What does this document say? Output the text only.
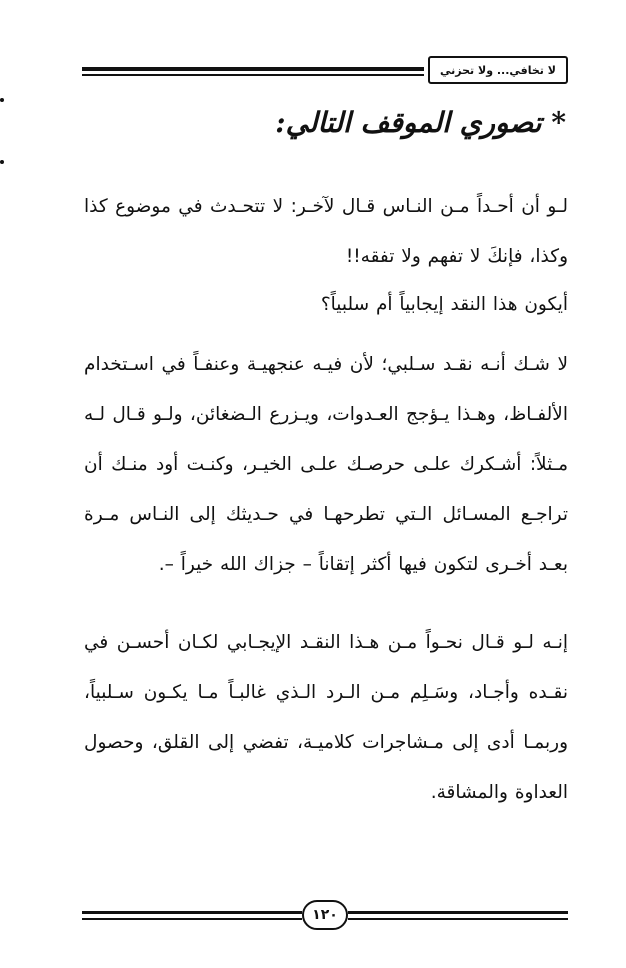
لا تخافي... ولا تحزني
* تصوري الموقف التالي:

لـو أن أحـداً مـن النـاس قـال لآخـر: لا تتحـدث في موضوع كذا وكذا، فإنكَ لا تفهم ولا تفقه!!

أيكون هذا النقد إيجابياً أم سلبياً؟

لا شـك أنـه نقـد سـلبي؛ لأن فيـه عنجهيـة وعنفـاً في اسـتخدام الألفـاظ، وهـذا يـؤجج العـدوات، ويـزرع الـضغائن، ولـو قـال لـه مـثلاً: أشـكرك علـى حرصـك علـى الخيـر، وكنـت أود منـك أن تراجـع المسـائل الـتي تطرحهـا في حـديثك إلى النـاس مـرة بعـد أخـرى لتكون فيها أكثر إتقاناً – جزاك الله خيراً –.

إنـه لـو قـال نحـواً مـن هـذا النقـد الإيجـابي لكـان أحسـن في نقـده وأجـاد، وسَـلِم مـن الـرد الـذي غالبـاً مـا يكـون سـلبياً، وربمـا أدى إلى مـشاجرات كلاميـة، تفضي إلى القلق، وحصول العداوة والمشاقة.

١٢٠
